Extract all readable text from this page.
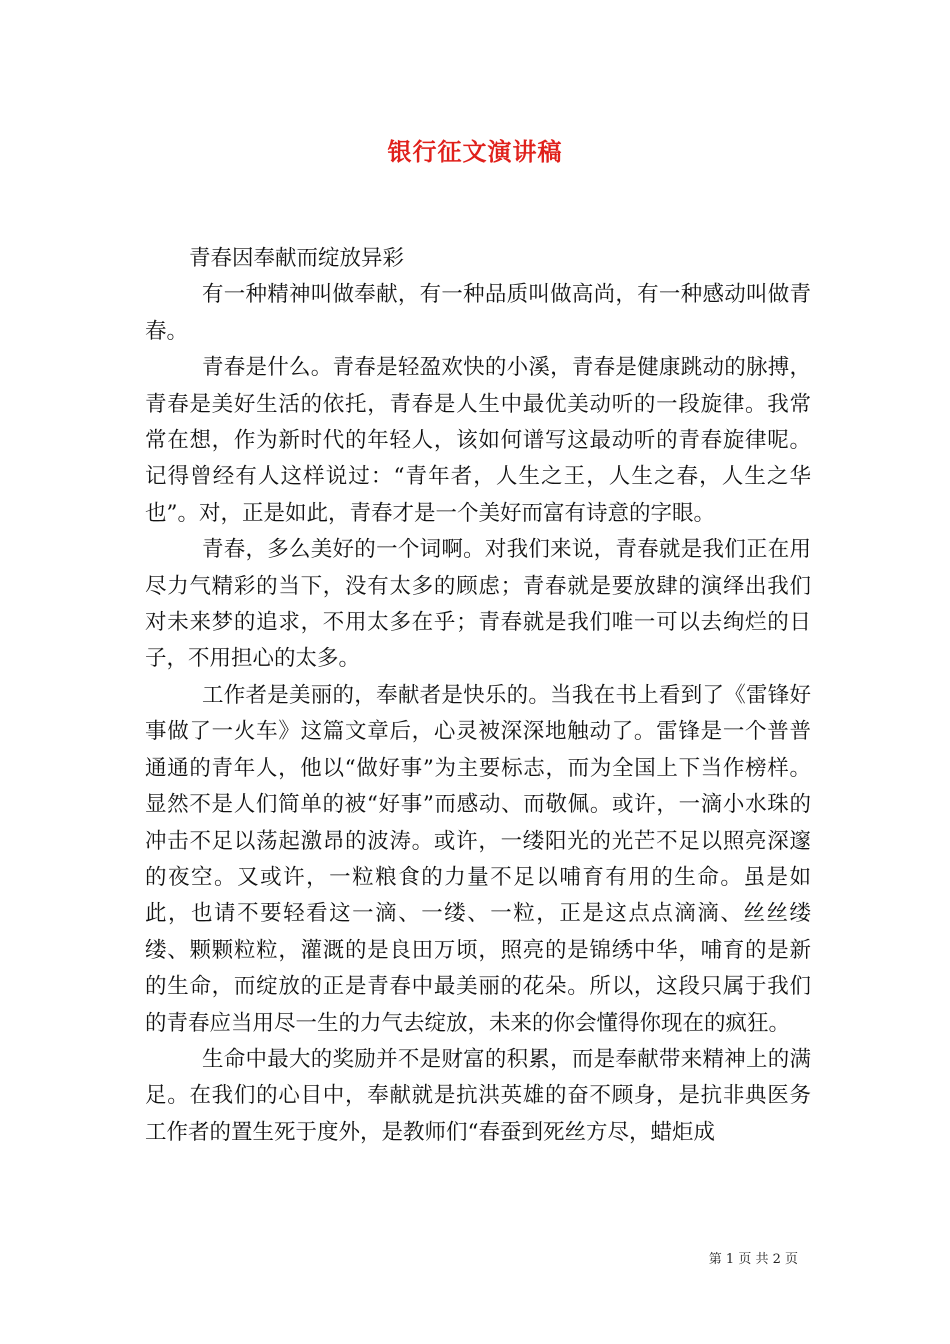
银行征文演讲稿

青春因奉献而绽放异彩

有一种精神叫做奉献，有一种品质叫做高尚，有一种感动叫做青春。

青春是什么。青春是轻盈欢快的小溪，青春是健康跳动的脉搏，青春是美好生活的依托，青春是人生中最优美动听的一段旋律。我常常在想，作为新时代的年轻人，该如何谱写这最动听的青春旋律呢。记得曾经有人这样说过：“青年者，人生之王，人生之春，人生之华也”。对，正是如此，青春才是一个美好而富有诗意的字眼。

青春，多么美好的一个词啊。对我们来说，青春就是我们正在用尽力气精彩的当下，没有太多的顾虑；青春就是要放肆的演绎出我们对未来梦的追求，不用太多在乎；青春就是我们唯一可以去绚烂的日子，不用担心的太多。

工作者是美丽的，奉献者是快乐的。当我在书上看到了《雷锋好事做了一火车》这篇文章后，心灵被深深地触动了。雷锋是一个普普通通的青年人，他以“做好事”为主要标志，而为全国上下当作榜样。显然不是人们简单的被“好事”而感动、而敬佩。或许，一滴小水珠的冲击不足以荡起激昂的波涛。或许，一缕阳光的光芒不足以照亮深邃的夜空。又或许，一粒粮食的力量不足以哺育有用的生命。虽是如此，也请不要轻看这一滴、一缕、一粒，正是这点点滴滴、丝丝缕缕、颗颗粒粒，灌溉的是良田万顷，照亮的是锦绣中华，哺育的是新的生命，而绽放的正是青春中最美丽的花朵。所以，这段只属于我们的青春应当用尽一生的力气去绽放，未来的你会懂得你现在的疯狂。

生命中最大的奖励并不是财富的积累，而是奉献带来精神上的满足。在我们的心目中，奉献就是抗洪英雄的奋不顾身，是抗非典医务工作者的置生死于度外，是教师们“春蚕到死丝方尽，蜡炬成

第 1 页 共 2 页
